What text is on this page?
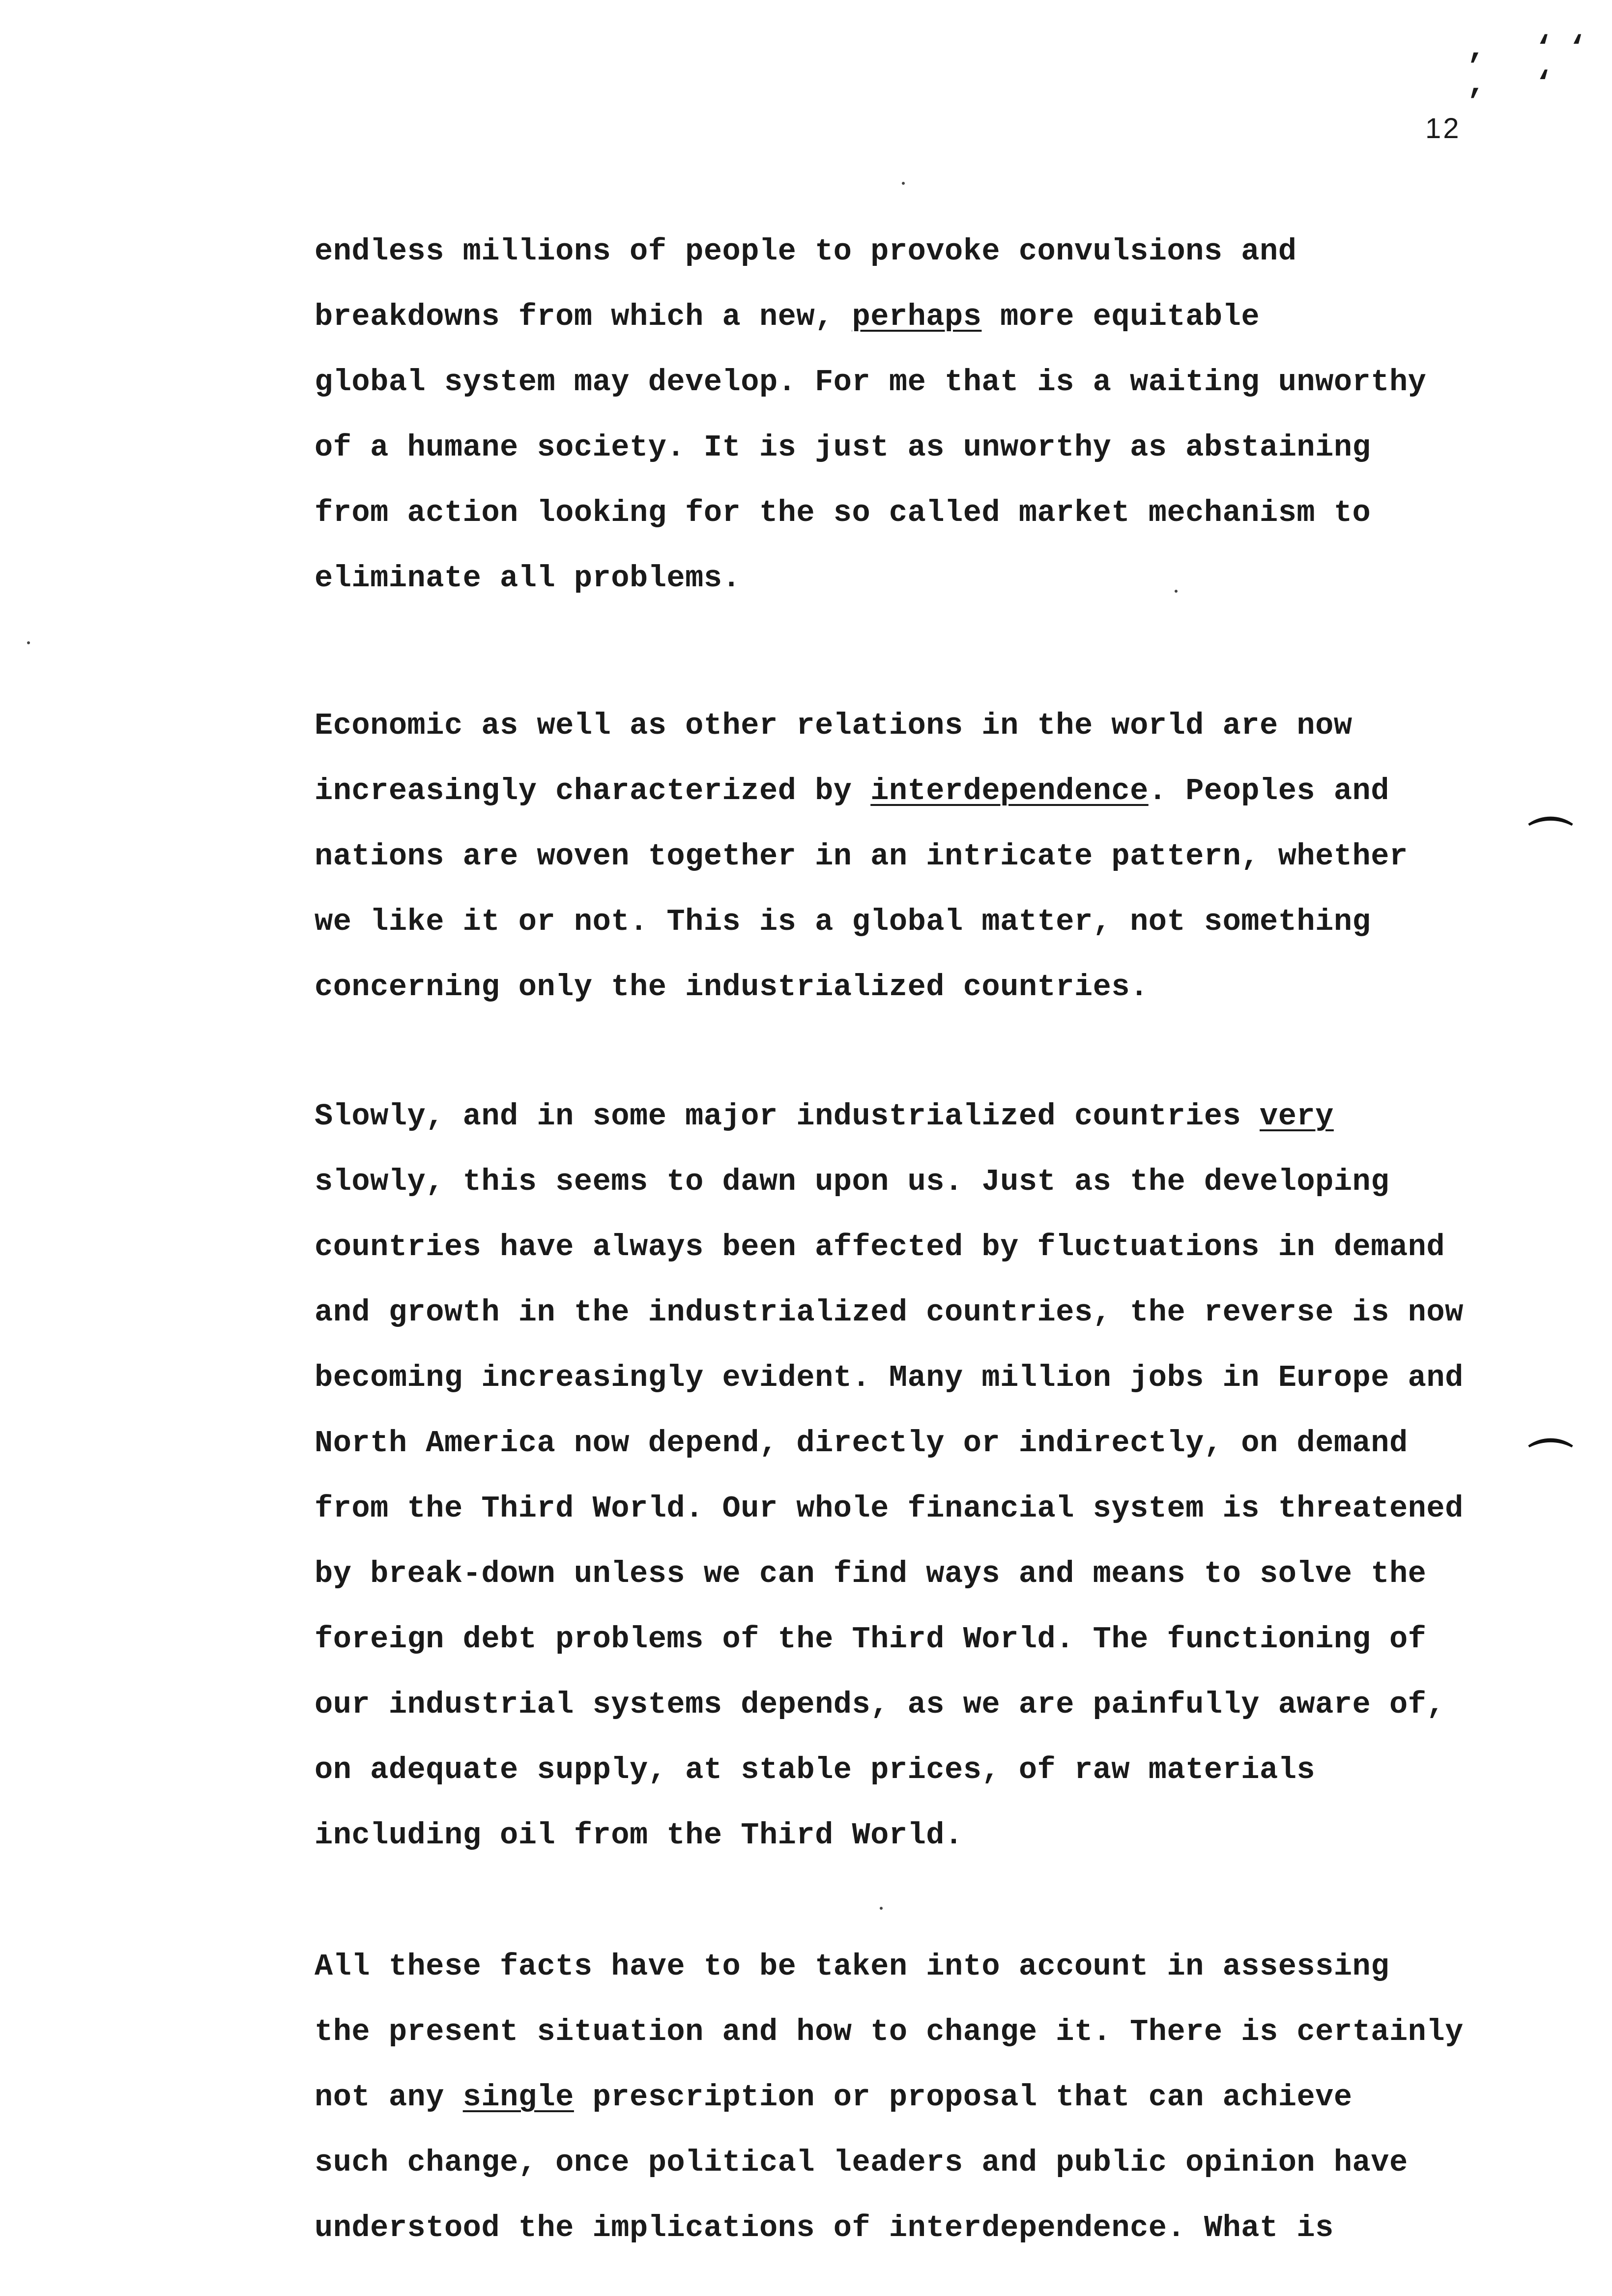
, ‘‘ , ‘
12
endless millions of people to provoke convulsions and
breakdowns from which a new, perhaps more equitable
global system may develop. For me that is a waiting unworthy
of a humane society. It is just as unworthy as abstaining
from action looking for the so called market mechanism to
eliminate all problems.
Economic as well as other relations in the world are now
increasingly characterized by interdependence. Peoples and
nations are woven together in an intricate pattern, whether
we like it or not. This is a global matter, not something
concerning only the industrialized countries.
Slowly, and in some major industrialized countries very
slowly, this seems to dawn upon us. Just as the developing
countries have always been affected by fluctuations in demand
and growth in the industrialized countries, the reverse is now
becoming increasingly evident. Many million jobs in Europe and
North America now depend, directly or indirectly, on demand
from the Third World. Our whole financial system is threatened
by break-down unless we can find ways and means to solve the
foreign debt problems of the Third World. The functioning of
our industrial systems depends, as we are painfully aware of,
on adequate supply, at stable prices, of raw materials
including oil from the Third World.
All these facts have to be taken into account in assessing
the present situation and how to change it. There is certainly
not any single prescription or proposal that can achieve
such change, once political leaders and public opinion have
understood the implications of interdependence. What is
⌒
⌒
